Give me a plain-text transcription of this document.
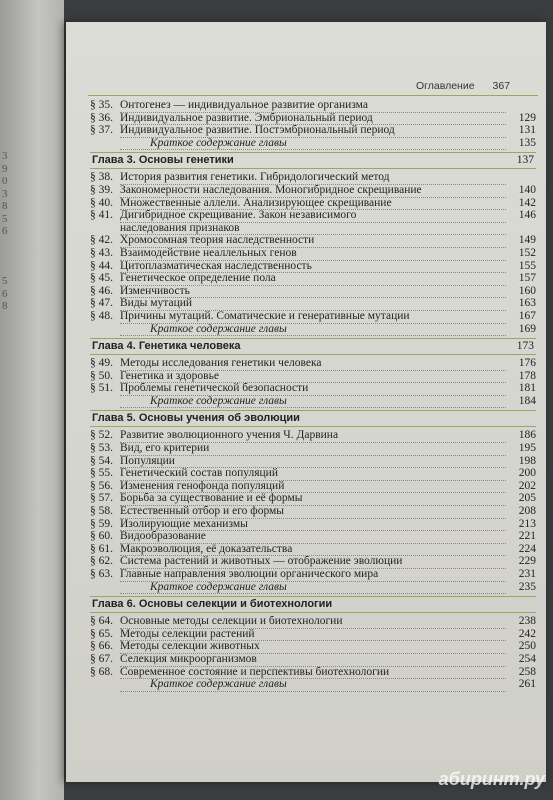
3
9
0
3
8
5
6

5
6
8
Оглавление 367
§ 35. Онтогенез — индивидуальное развитие организма
§ 36. Индивидуальное развитие. Эмбриональный период	129
§ 37. Индивидуальное развитие. Постэмбриональный период	131
Краткое содержание главы	135
Глава 3. Основы генетики	137
§ 38. История развития генетики. Гибридологический метод
§ 39. Закономерности наследования. Моногибридное скрещивание	140
§ 40. Множественные аллели. Анализирующее скрещивание	142
§ 41. Дигибридное скрещивание. Закон независимого	146
наследования признаков
§ 42. Хромосомная теория наследственности	149
§ 43. Взаимодействие неаллельных генов	152
§ 44. Цитоплазматическая наследственность	155
§ 45. Генетическое определение пола	157
§ 46. Изменчивость	160
§ 47. Виды мутаций	163
§ 48. Причины мутаций. Соматические и генеративные мутации	167
Краткое содержание главы	169
Глава 4. Генетика человека	173
§ 49. Методы исследования генетики человека	176
§ 50. Генетика и здоровье	178
§ 51. Проблемы генетической безопасности	181
Краткое содержание главы	184
Глава 5. Основы учения об эволюции
§ 52. Развитие эволюционного учения Ч. Дарвина	186
§ 53. Вид, его критерии	195
§ 54. Популяции	198
§ 55. Генетический состав популяций	200
§ 56. Изменения генофонда популяций	202
§ 57. Борьба за существование и её формы	205
§ 58. Естественный отбор и его формы	208
§ 59. Изолирующие механизмы	213
§ 60. Видообразование	221
§ 61. Макроэволюция, её доказательства	224
§ 62. Система растений и животных — отображение эволюции	229
§ 63. Главные направления эволюции органического мира	231
Краткое содержание главы	235
Глава 6. Основы селекции и биотехнологии
§ 64. Основные методы селекции и биотехнологии	238
§ 65. Методы селекции растений	242
§ 66. Методы селекции животных	250
§ 67. Селекция микроорганизмов	254
§ 68. Современное состояние и перспективы биотехнологии	258
Краткое содержание главы	261
абиринт.ру
